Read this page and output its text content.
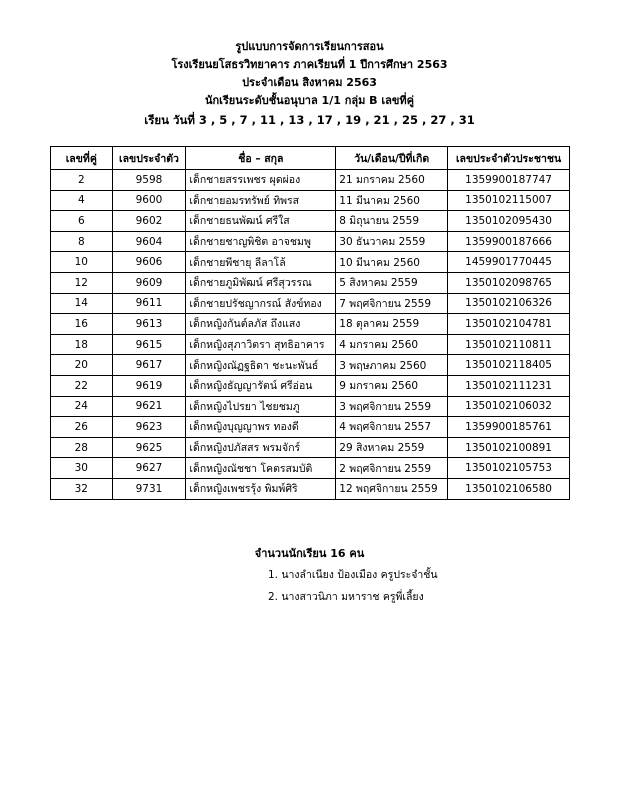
รูปแบบการจัดการเรียนการสอน
โรงเรียนยโสธรวิทยาคาร ภาคเรียนที่ 1 ปีการศึกษา 2563
ประจำเดือน สิงหาคม 2563
นักเรียนระดับชั้นอนุบาล 1/1 กลุ่ม B เลขที่คู่
เรียน วันที่ 3 , 5 , 7 , 11 , 13 , 17 , 19 , 21 , 25 , 27 , 31
เลขที่คู่	เลขประจำตัว	ชื่อ – สกุล	วัน/เดือน/ปีที่เกิด	เลขประจำตัวประชาชน
2	9598	เด็กชายสรรเพชร ผุดผ่อง	21 มกราคม 2560	1359900187747
4	9600	เด็กชายอมรทรัพย์ ทิพรส	11 มีนาคม 2560	1350102115007
6	9602	เด็กชายธนพัฒน์ ศรีใส	8 มิถุนายน 2559	1350102095430
8	9604	เด็กชายชาญพิชิต อาจชมพู	30 ธันวาคม 2559	1359900187666
10	9606	เด็กชายพีชายุ ลีลาโล้	10 มีนาคม 2560	1459901770445
12	9609	เด็กชายภูมิพัฒน์ ศรีสุวรรณ	5 สิงหาคม 2559	1350102098765
14	9611	เด็กชายปรัชญากรณ์ สังข์ทอง	7 พฤศจิกายน 2559	1350102106326
16	9613	เด็กหญิงกันต์ลภัส ถึงแสง	18 ตุลาคม 2559	1350102104781
18	9615	เด็กหญิงสุภาวิตรา สุทธิอาคาร	4 มกราคม 2560	1350102110811
20	9617	เด็กหญิงณัฏฐธิดา ชะนะพันธ์	3 พฤษภาคม 2560	1350102118405
22	9619	เด็กหญิงธัญญารัตน์ ศรีอ่อน	9 มกราคม 2560	1350102111231
24	9621	เด็กหญิงไปรยา ไชยชมภู	3 พฤศจิกายน 2559	1350102106032
26	9623	เด็กหญิงบุญญาพร ทองดี	4 พฤศจิกายน 2557	1359900185761
28	9625	เด็กหญิงปภัสสร พรมจักร์	29 สิงหาคม 2559	1350102100891
30	9627	เด็กหญิงณัชชา โคตรสมบัติ	2 พฤศจิกายน 2559	1350102105753
32	9731	เด็กหญิงเพชรรุ้ง พิมพ์ศิริ	12 พฤศจิกายน 2559	1350102106580
จำนวนนักเรียน 16 คน
1. นางลำเนียง ป้องเมือง ครูประจำชั้น
2. นางสาวนิภา มหาราช ครูพี่เลี้ยง
